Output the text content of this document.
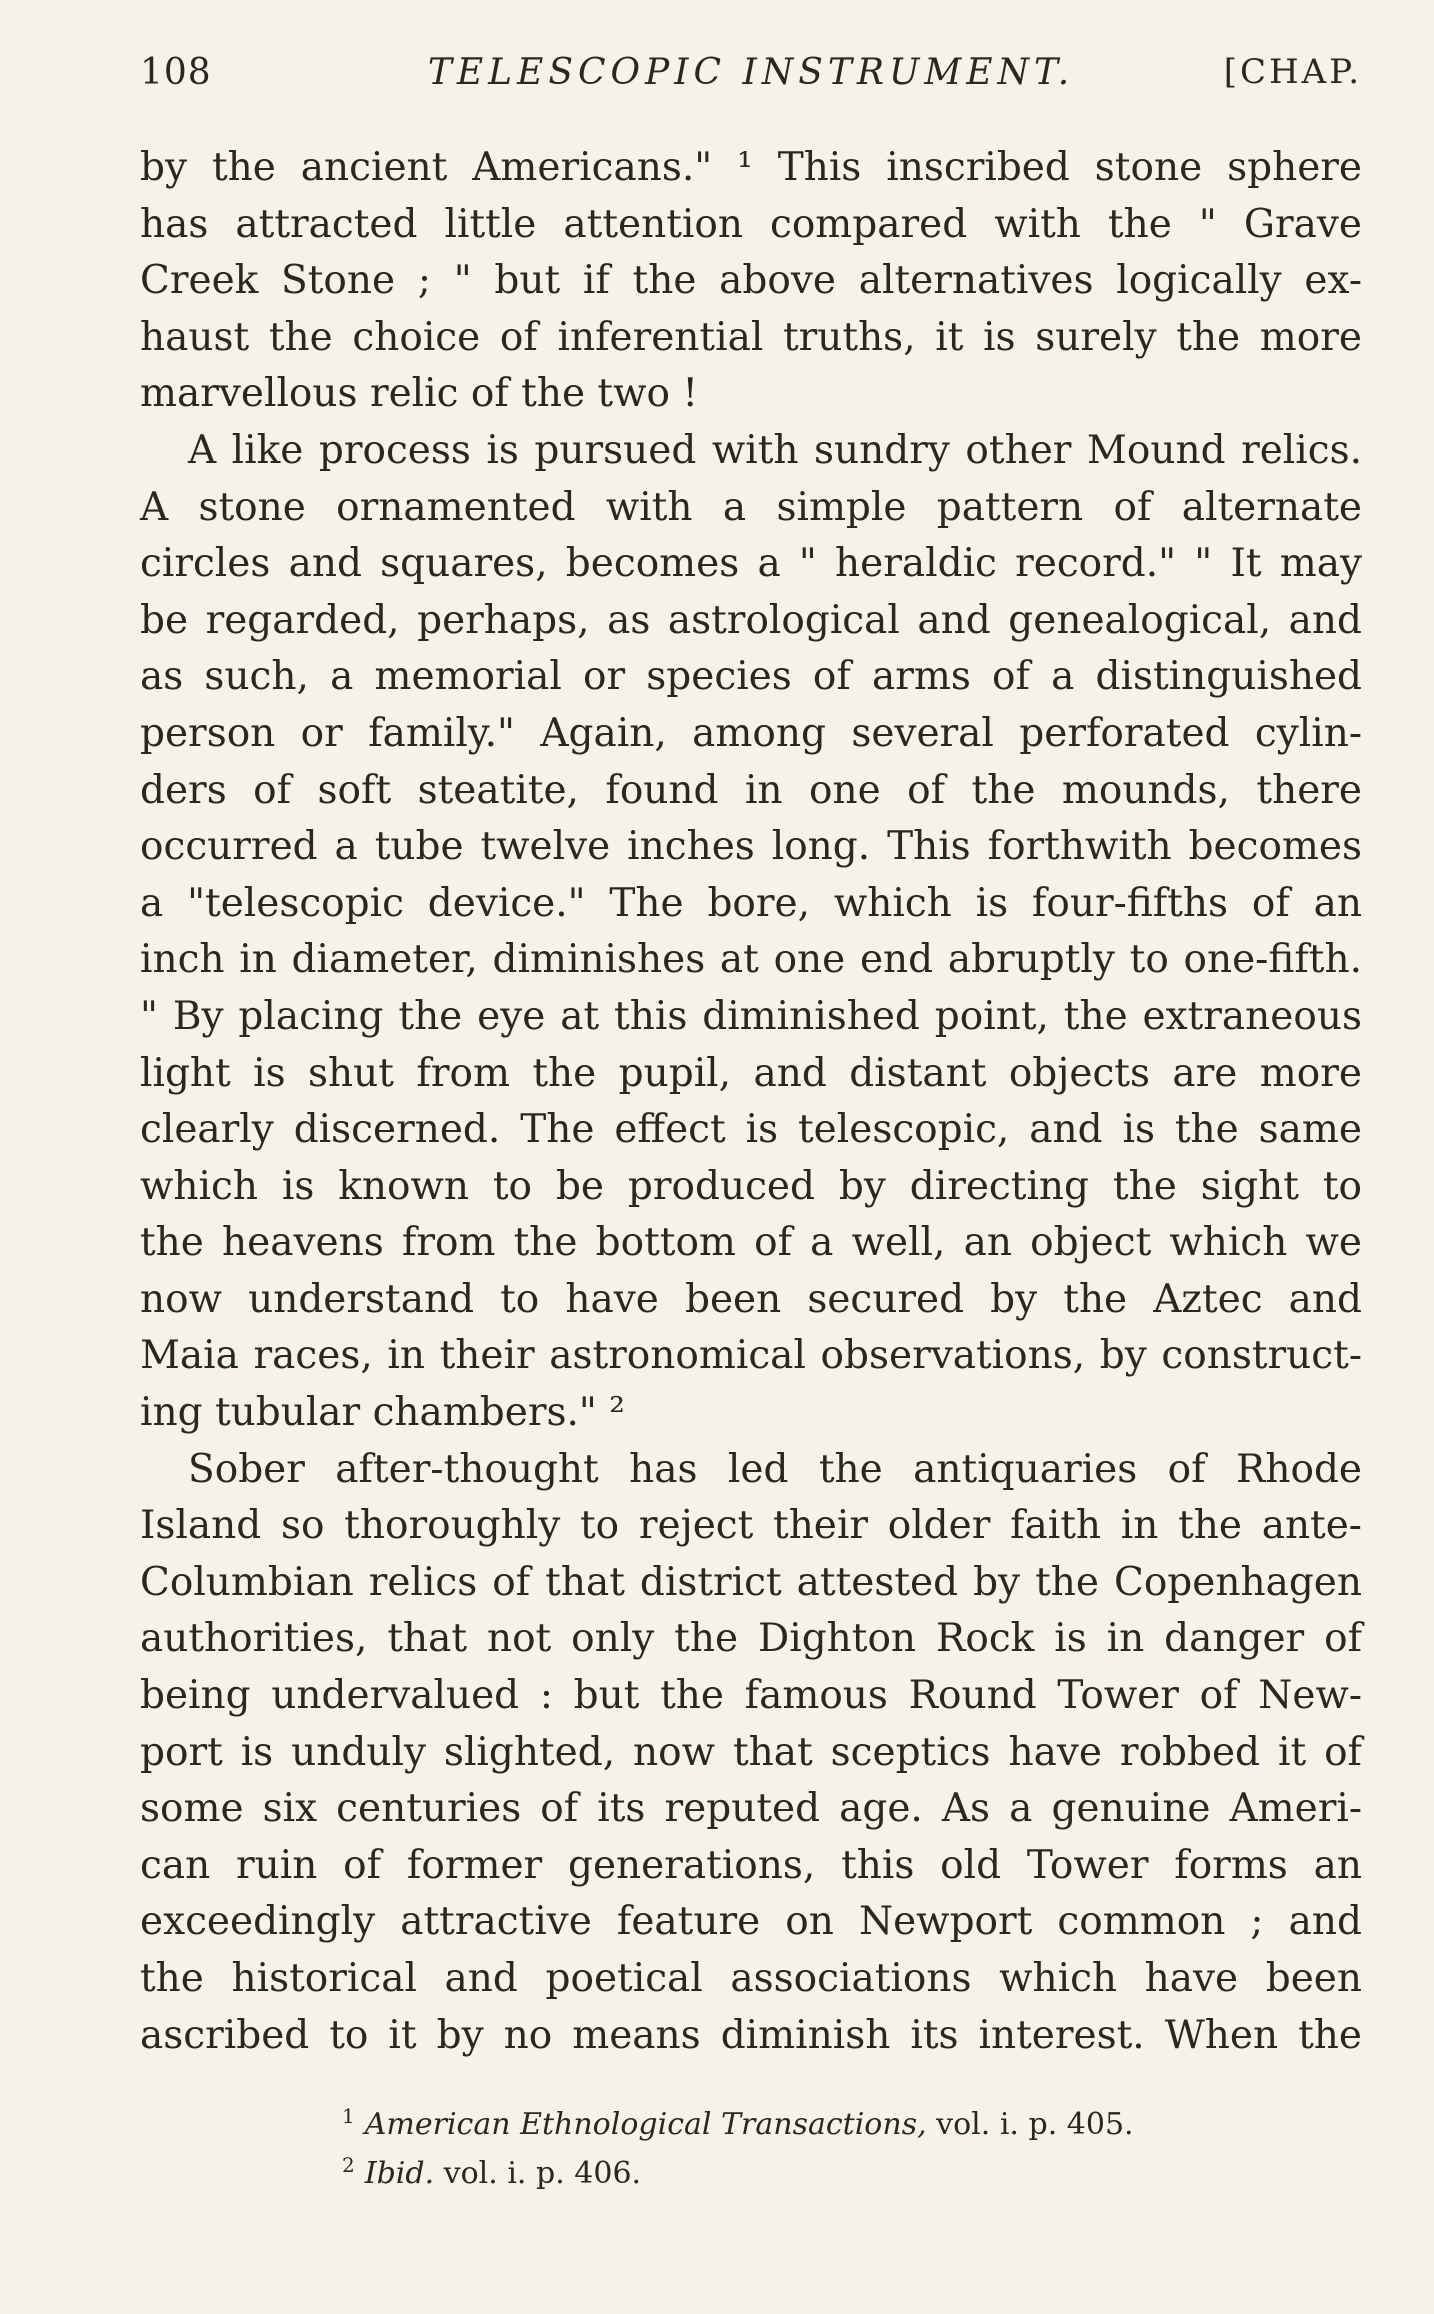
108	TELESCOPIC INSTRUMENT.	[CHAP.
by the ancient Americans." ¹ This inscribed stone sphere
has attracted little attention compared with the " Grave
Creek Stone ; " but if the above alternatives logically ex-
haust the choice of inferential truths, it is surely the more
marvellous relic of the two !
A like process is pursued with sundry other Mound relics.
A stone ornamented with a simple pattern of alternate
circles and squares, becomes a " heraldic record." " It may
be regarded, perhaps, as astrological and genealogical, and
as such, a memorial or species of arms of a distinguished
person or family." Again, among several perforated cylin-
ders of soft steatite, found in one of the mounds, there
occurred a tube twelve inches long. This forthwith becomes
a "telescopic device." The bore, which is four-fifths of an
inch in diameter, diminishes at one end abruptly to one-fifth.
" By placing the eye at this diminished point, the extraneous
light is shut from the pupil, and distant objects are more
clearly discerned. The effect is telescopic, and is the same
which is known to be produced by directing the sight to
the heavens from the bottom of a well, an object which we
now understand to have been secured by the Aztec and
Maia races, in their astronomical observations, by construct-
ing tubular chambers." ²
Sober after-thought has led the antiquaries of Rhode
Island so thoroughly to reject their older faith in the ante-
Columbian relics of that district attested by the Copenhagen
authorities, that not only the Dighton Rock is in danger of
being undervalued : but the famous Round Tower of New-
port is unduly slighted, now that sceptics have robbed it of
some six centuries of its reputed age. As a genuine Ameri-
can ruin of former generations, this old Tower forms an
exceedingly attractive feature on Newport common ; and
the historical and poetical associations which have been
ascribed to it by no means diminish its interest. When the
$^1$ American Ethnological Transactions, vol. i. p. 405.
$^2$ Ibid. vol. i. p. 406.
